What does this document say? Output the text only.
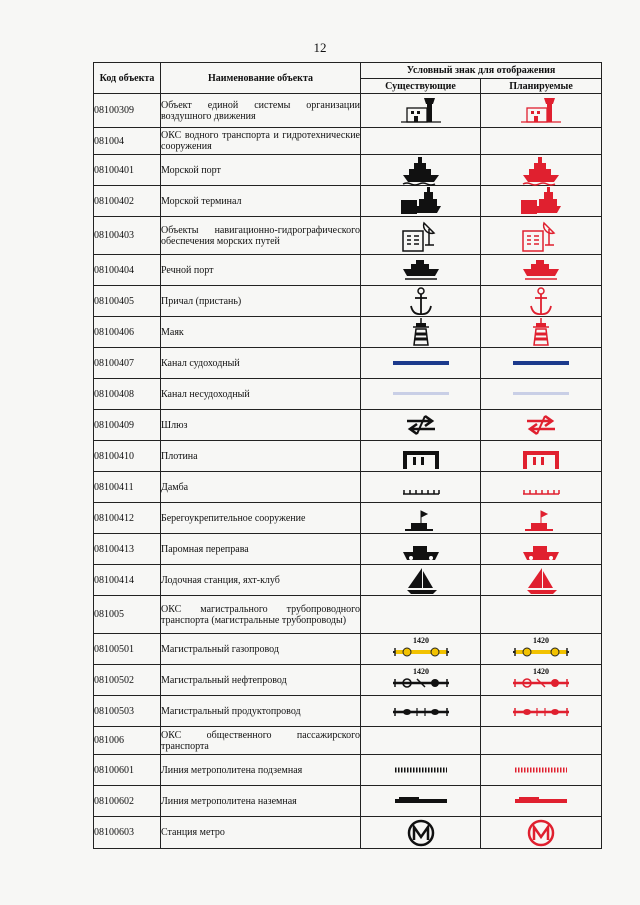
12
Код объекта	Наименование объекта	Условный знак для отображения	
		Существующие	Планируемые
08100309	Объект единой системы организации воздушного движения	

081004	ОКС водного транспорта и гидротехнические сооружения		
08100401	Морской порт	

08100402	Морской терминал	

08100403	Объекты навигационно-гидрографического обеспечения морских путей	

08100404	Речной порт	

08100405	Причал (пристань)	

08100406	Маяк	

08100407	Канал судоходный	

08100408	Канал несудоходный	

08100409	Шлюз	

08100410	Плотина	

08100411	Дамба	

08100412	Берегоукрепительное сооружение	

08100413	Паромная переправа	

08100414	Лодочная станция, яхт-клуб	

081005	ОКС магистрального трубопроводного транспорта (магистральные трубопроводы)		
08100501	Магистральный газопровод	1420	1420

08100502	Магистральный нефтепровод	1420	1420

08100503	Магистральный продуктопровод	

081006	ОКС общественного пассажирского транспорта		
08100601	Линия метрополитена подземная	

08100602	Линия метрополитена наземная	

08100603	Станция метро	
